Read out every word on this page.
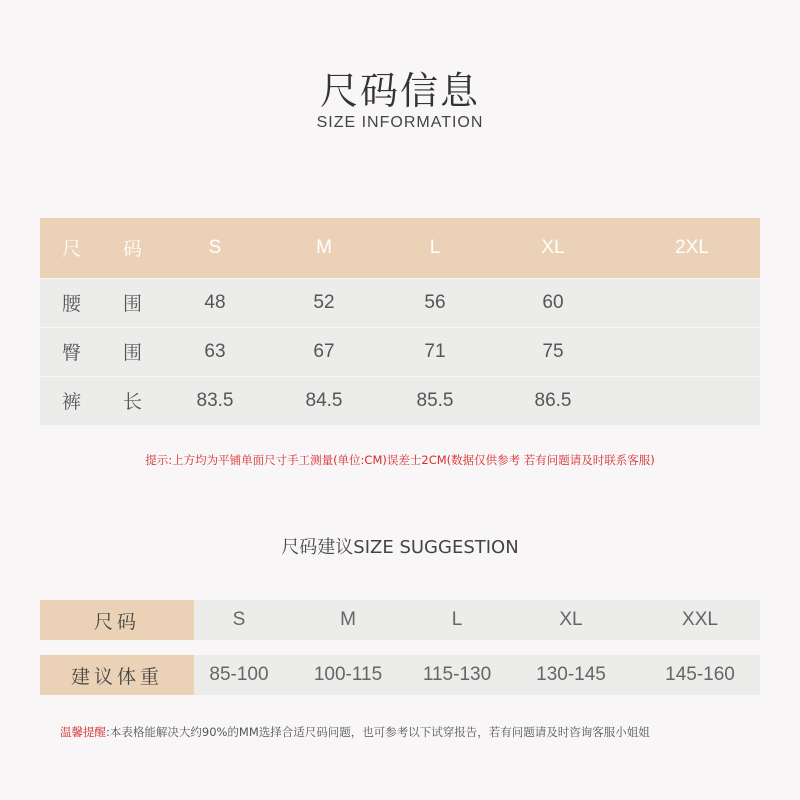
尺码信息
SIZE INFORMATION
尺 码	S	M	L	XL	2XL
腰 围	48	52	56	60	
臀 围	63	67	71	75	
裤 长	83.5	84.5	85.5	86.5	
提示:上方均为平铺单面尺寸手工测量(单位:CM)误差士2CM(数据仅供参考 若有问题请及时联系客服)
尺码建议SIZE SUGGESTION
尺码	S	M	L	XL	XXL
建议体重	85-100	100-115	115-130	130-145	145-160
温馨提醒:本表格能解决大约90%的MM选择合适尺码问题，也可参考以下试穿报告，若有问题请及时咨询客服小姐姐
